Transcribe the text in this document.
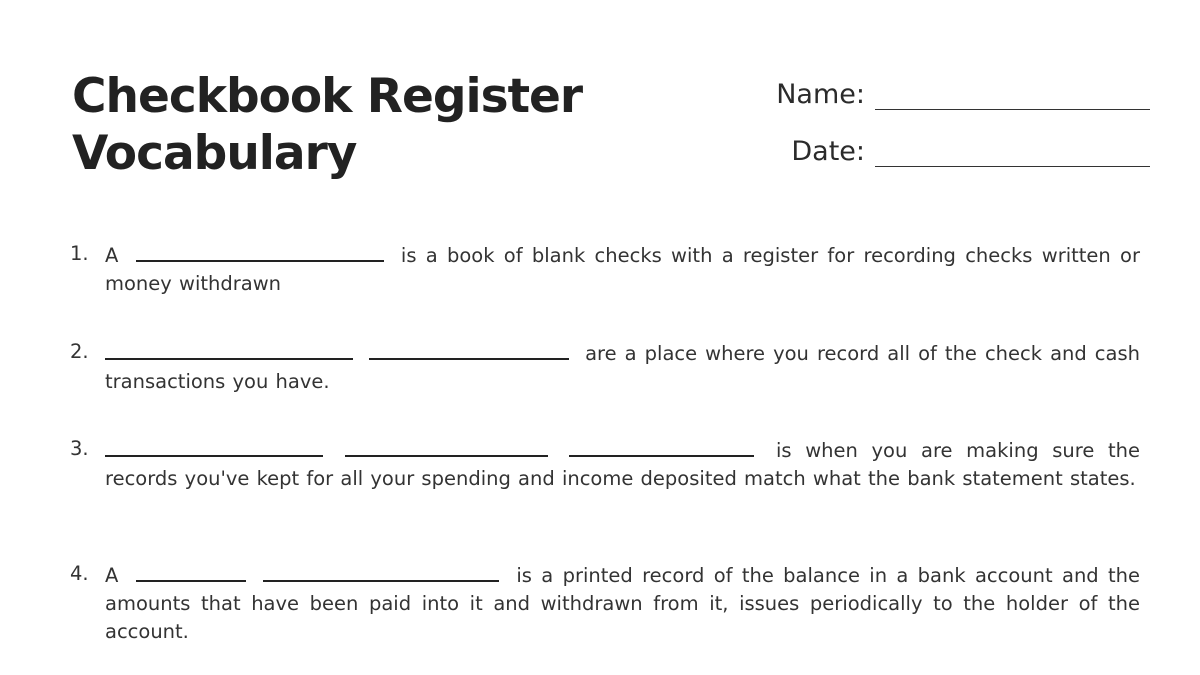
Checkbook Register
Vocabulary
Name:
Date:
1. A	is a book of blank checks with a register for recording checks written or money withdrawn
2.	are a place where you record all of the check and cash transactions you have.
3.	is when you are making sure the records you've kept for all your spending and income deposited match what the bank statement states.
4. A	is a printed record of the balance in a bank account and the amounts that have been paid into it and withdrawn from it, issues periodically to the holder of the account.
